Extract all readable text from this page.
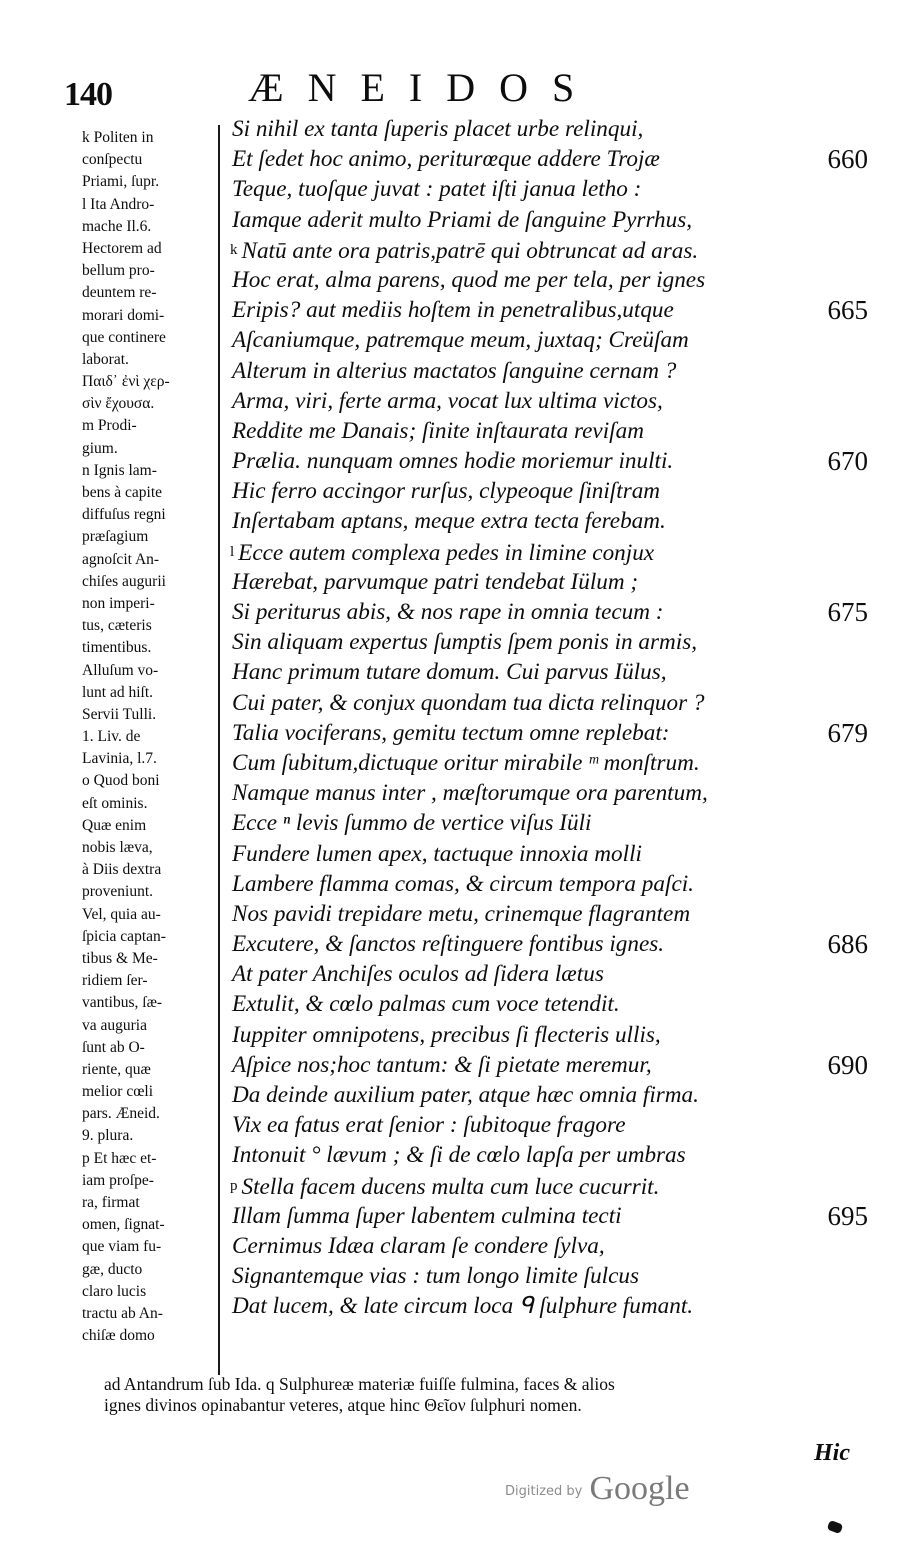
140	ÆNEIDOS
k Politen in
conſpectu
Priami, ſupr.
l Ita Andro-
mache Il.6.
Hectorem ad
bellum pro-
deuntem re-
morari domi-
que continere
laborat.
Παιδ᾽ ἐνὶ χερ-
σὶν ἔχουσα.
m Prodi-
gium.
n Ignis lam-
bens à capite
diffuſus regni
præſagium
agnoſcit An-
chiſes augurii
non imperi-
tus, cæteris
timentibus.
Alluſum vo-
lunt ad hiſt.
Servii Tulli.
1. Liv. de
Lavinia, l.7.
o Quod boni
eſt ominis.
Quæ enim
nobis læva,
à Diis dextra
proveniunt.
Vel, quia au-
ſpicia captan-
tibus & Me-
ridiem ſer-
vantibus, ſæ-
va auguria
ſunt ab O-
riente, quæ
melior cœli
pars. Æneid.
9. plura.
p Et hæc et-
iam proſpe-
ra, firmat
omen, ſignat-
que viam fu-
gæ, ducto
claro lucis
tractu ab An-
chiſæ domo
Si nihil ex tanta ſuperis placet urbe relinqui,
Et ſedet hoc animo, periturœque addere Trojæ	660
Teque, tuoſque juvat : patet iſti janua letho :
Iamque aderit multo Priami de ſanguine Pyrrhus,
k Natū ante ora patris,patrē qui obtruncat ad aras.
Hoc erat, alma parens, quod me per tela, per ignes
Eripis? aut mediis hoſtem in penetralibus,utque	665
Aſcaniumque, patremque meum, juxtaq; Creüſam
Alterum in alterius mactatos ſanguine cernam ?
Arma, viri, ferte arma, vocat lux ultima victos,
Reddite me Danais; ſinite inſtaurata reviſam
Prælia. nunquam omnes hodie moriemur inulti.	670
Hic ferro accingor rurſus, clypeoque ſiniſtram
Inſertabam aptans, meque extra tecta ferebam.
l Ecce autem complexa pedes in limine conjux
Hærebat, parvumque patri tendebat Iülum ;
Si periturus abis, & nos rape in omnia tecum :	675
Sin aliquam expertus ſumptis ſpem ponis in armis,
Hanc primum tutare domum. Cui parvus Iülus,
Cui pater, & conjux quondam tua dicta relinquor ?
Talia vociferans, gemitu tectum omne replebat:	679
Cum ſubitum,dictuque oritur mirabile ᵐ monſtrum.
Namque manus inter , mæſtorumque ora parentum,
Ecce ⁿ levis ſummo de vertice viſus Iüli
Fundere lumen apex, tactuque innoxia molli
Lambere flamma comas, & circum tempora paſci.
Nos pavidi trepidare metu, crinemque flagrantem
Excutere, & ſanctos reſtinguere fontibus ignes.	686
At pater Anchiſes oculos ad ſidera lætus
Extulit, & cœlo palmas cum voce tetendit.
Iuppiter omnipotens, precibus ſi flecteris ullis,
Aſpice nos;hoc tantum: & ſi pietate meremur,	690
Da deinde auxilium pater, atque hæc omnia firma.
Vix ea fatus erat ſenior : ſubitoque fragore
Intonuit ° lævum ; & ſi de cœlo lapſa per umbras
p Stella facem ducens multa cum luce cucurrit.
Illam ſumma ſuper labentem culmina tecti	695
Cernimus Idæa claram ſe condere ſylva,
Signantemque vias : tum longo limite ſulcus
Dat lucem, & late circum loca ᑫ ſulphure fumant.
ad Antandrum ſub Ida. q Sulphureæ materiæ fuiſſe fulmina, faces & alios
ignes divinos opinabantur veteres, atque hinc Θεῖον ſulphuri nomen.
Hic
$^{Digitized by}$ Google
